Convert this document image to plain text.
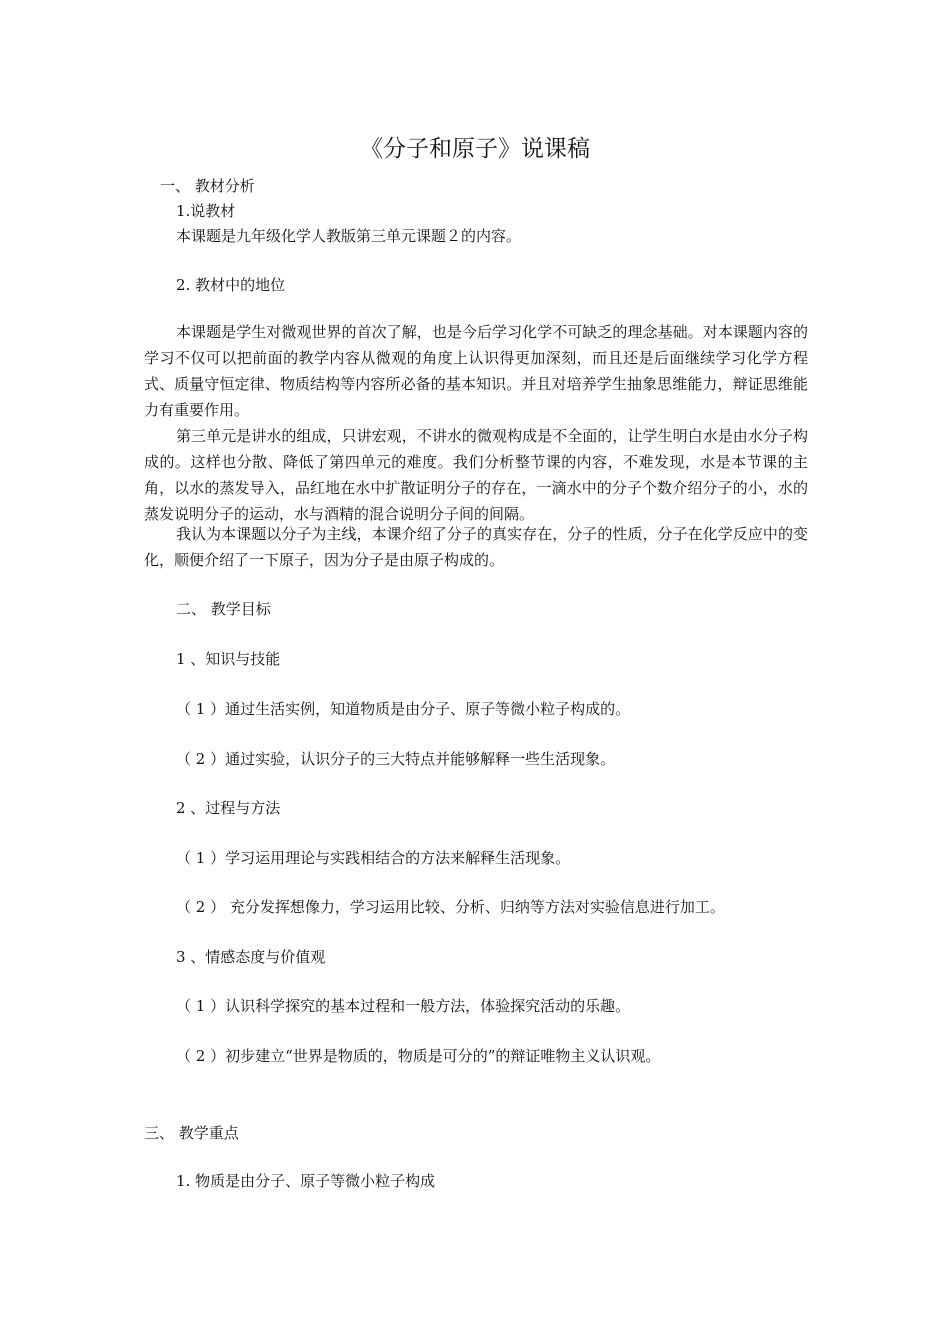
《分子和原子》说课稿
一、 教材分析
1.说教材
本课题是九年级化学人教版第三单元课题２的内容。
2. 教材中的地位
本课题是学生对微观世界的首次了解，也是今后学习化学不可缺乏的理念基础。对本课题内容的学习不仅可以把前面的教学内容从微观的角度上认识得更加深刻，而且还是后面继续学习化学方程式、质量守恒定律、物质结构等内容所必备的基本知识。并且对培养学生抽象思维能力，辩证思维能力有重要作用。
第三单元是讲水的组成，只讲宏观，不讲水的微观构成是不全面的，让学生明白水是由水分子构成的。这样也分散、降低了第四单元的难度。我们分析整节课的内容，不难发现，水是本节课的主角，以水的蒸发导入，品红地在水中扩散证明分子的存在，一滴水中的分子个数介绍分子的小，水的蒸发说明分子的运动，水与酒精的混合说明分子间的间隔。
我认为本课题以分子为主线，本课介绍了分子的真实存在，分子的性质，分子在化学反应中的变化，顺便介绍了一下原子，因为分子是由原子构成的。
二、 教学目标
1 、知识与技能
（ 1 ）通过生活实例，知道物质是由分子、原子等微小粒子构成的。
（ 2 ）通过实验，认识分子的三大特点并能够解释一些生活现象。
2 、过程与方法
（ 1 ）学习运用理论与实践相结合的方法来解释生活现象。
（ 2 ） 充分发挥想像力，学习运用比较、分析、归纳等方法对实验信息进行加工。
3 、情感态度与价值观
（ 1 ）认识科学探究的基本过程和一般方法，体验探究活动的乐趣。
（ 2 ）初步建立“世界是物质的，物质是可分的”的辩证唯物主义认识观。
三、 教学重点
1. 物质是由分子、原子等微小粒子构成
